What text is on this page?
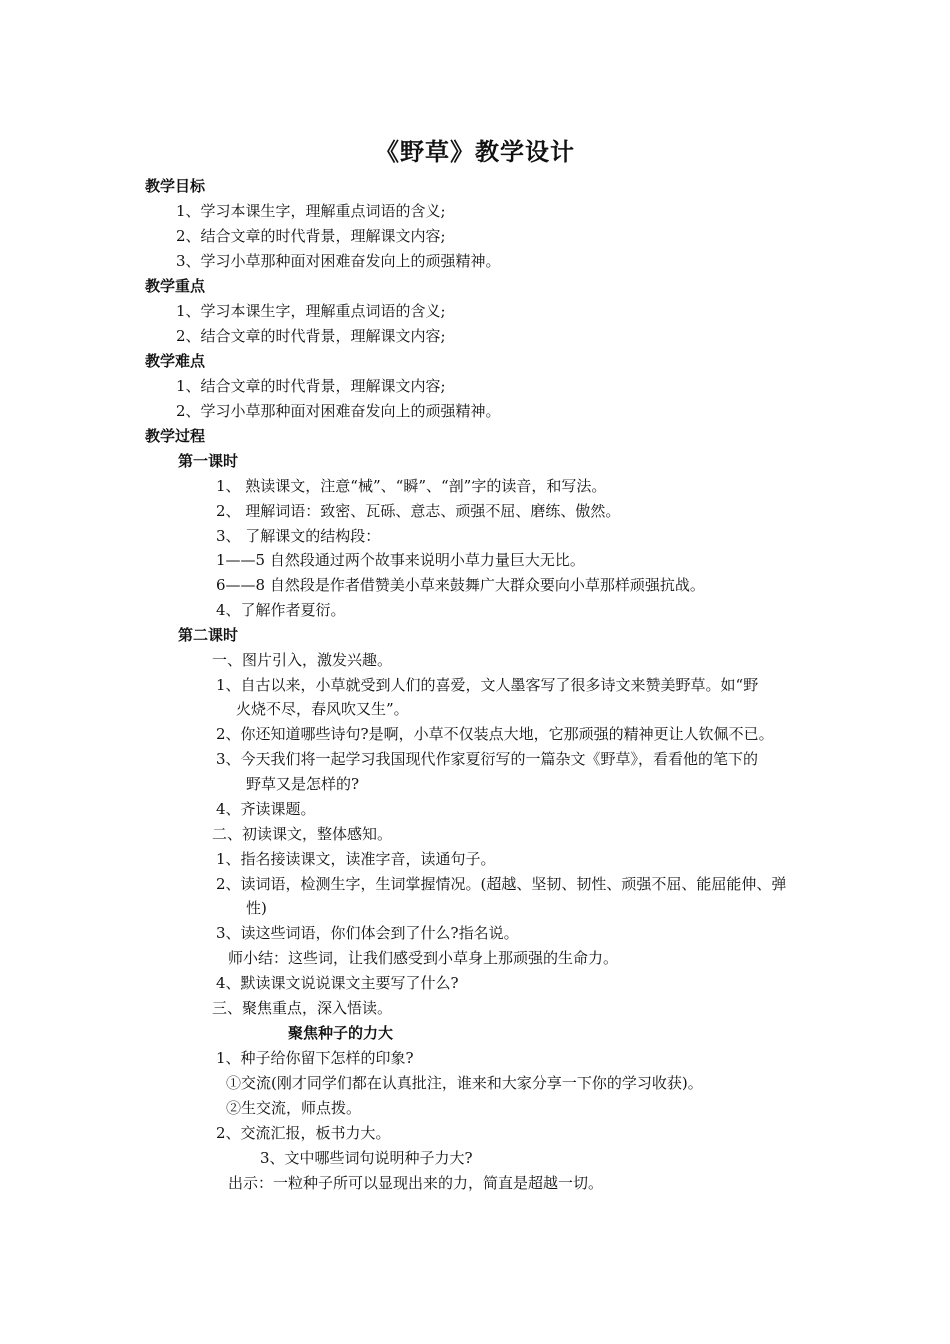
《野草》教学设计
教学目标
1、学习本课生字，理解重点词语的含义;
2、结合文章的时代背景，理解课文内容;
3、学习小草那种面对困难奋发向上的顽强精神。
教学重点
1、学习本课生字，理解重点词语的含义;
2、结合文章的时代背景，理解课文内容;
教学难点
1、结合文章的时代背景，理解课文内容;
2、学习小草那种面对困难奋发向上的顽强精神。
教学过程
第一课时
1、 熟读课文，注意“械”、“瞬”、“剖”字的读音，和写法。
2、 理解词语：致密、瓦砾、意志、顽强不屈、磨练、傲然。
3、 了解课文的结构段：
1——5 自然段通过两个故事来说明小草力量巨大无比。
6——8 自然段是作者借赞美小草来鼓舞广大群众要向小草那样顽强抗战。
4、了解作者夏衍。
第二课时
一、图片引入，激发兴趣。
1、自古以来，小草就受到人们的喜爱，文人墨客写了很多诗文来赞美野草。如“野
火烧不尽，春风吹又生”。
2、你还知道哪些诗句?是啊，小草不仅装点大地，它那顽强的精神更让人钦佩不已。
3、今天我们将一起学习我国现代作家夏衍写的一篇杂文《野草》，看看他的笔下的
野草又是怎样的?
4、齐读课题。
二、初读课文，整体感知。
1、指名接读课文，读准字音，读通句子。
2、读词语，检测生字，生词掌握情况。(超越、坚韧、韧性、顽强不屈、能屈能伸、弹
性)
3、读这些词语，你们体会到了什么?指名说。
师小结：这些词，让我们感受到小草身上那顽强的生命力。
4、默读课文说说课文主要写了什么?
三、聚焦重点，深入悟读。
聚焦种子的力大
1、种子给你留下怎样的印象?
①交流(刚才同学们都在认真批注，谁来和大家分享一下你的学习收获)。
②生交流，师点拨。
2、交流汇报，板书力大。
3、文中哪些词句说明种子力大?
出示：一粒种子所可以显现出来的力，简直是超越一切。
